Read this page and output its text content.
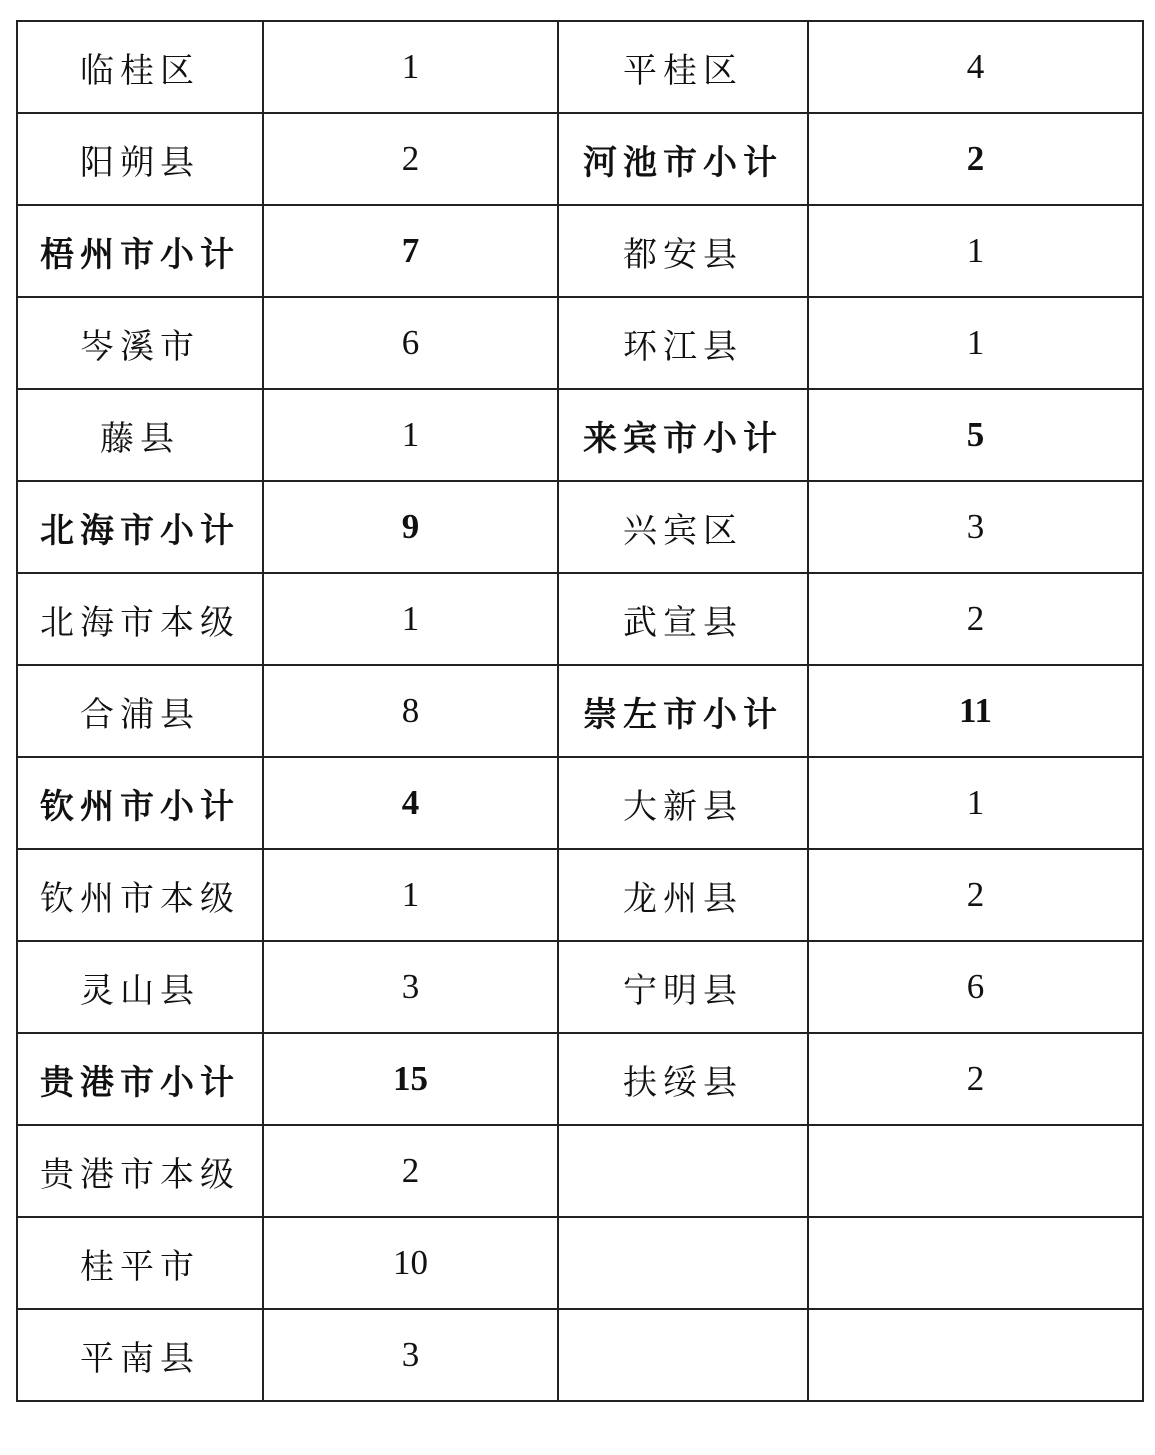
临桂区	1	平桂区	4
阳朔县	2	河池市小计	2
梧州市小计	7	都安县	1
岑溪市	6	环江县	1
藤县	1	来宾市小计	5
北海市小计	9	兴宾区	3
北海市本级	1	武宣县	2
合浦县	8	崇左市小计	11
钦州市小计	4	大新县	1
钦州市本级	1	龙州县	2
灵山县	3	宁明县	6
贵港市小计	15	扶绥县	2
贵港市本级	2		
桂平市	10		
平南县	3		
